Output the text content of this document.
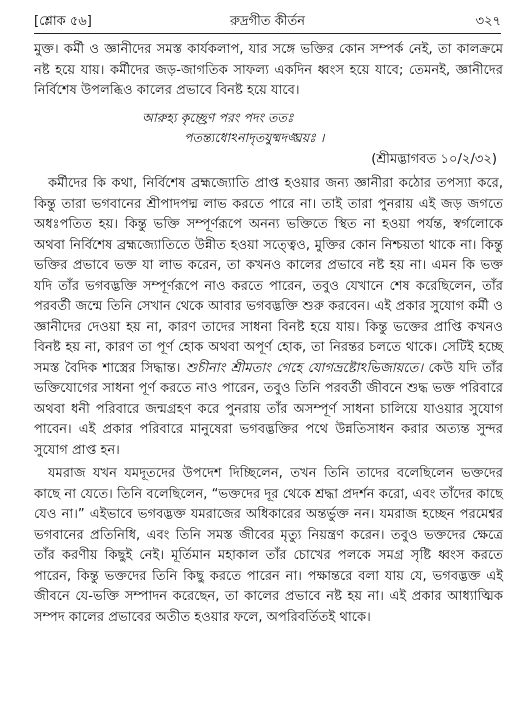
[শ্লোক ৫৬]	রুদ্রগীত কীর্তন	৩২৭

মুক্ত। কর্মী ও জ্ঞানীদের সমস্ত কার্যকলাপ, যার সঙ্গে ভক্তির কোন সম্পর্ক নেই, তা কালক্রমে নষ্ট হয়ে যায়। কর্মীদের জড়-জাগতিক সাফল্য একদিন ধ্বংস হয়ে যাবে; তেমনই, জ্ঞানীদের নির্বিশেষ উপলব্ধিও কালের প্রভাবে বিনষ্ট হয়ে যাবে।

আরুহ্য কৃচ্ছ্রেণ পরং পদং ততঃ
পতন্ত্যধোঽনাদৃতযুষ্মদঙ্ঘ্রয়ঃ ।
(শ্রীমদ্ভাগবত ১০/২/৩২)

কর্মীদের কি কথা, নির্বিশেষ ব্রহ্মজ্যোতি প্রাপ্ত হওয়ার জন্য জ্ঞানীরা কঠোর তপস্যা করে, কিন্তু তারা ভগবানের শ্রীপাদপদ্ম লাভ করতে পারে না। তাই তারা পুনরায় এই জড় জগতে অধঃপতিত হয়। কিন্তু ভক্তি সম্পূর্ণরূপে অনন্য ভক্তিতে স্থিত না হওয়া পর্যন্ত, স্বর্গলোকে অথবা নির্বিশেষ ব্রহ্মজ্যোতিতে উন্নীত হওয়া সত্ত্বেও, মুক্তির কোন নিশ্চয়তা থাকে না। কিন্তু ভক্তির প্রভাবে ভক্ত যা লাভ করেন, তা কখনও কালের প্রভাবে নষ্ট হয় না। এমন কি ভক্ত যদি তাঁর ভগবদ্ভক্তি সম্পূর্ণরূপে নাও করতে পারেন, তবুও যেখানে শেষ করেছিলেন, তাঁর পরবর্তী জন্মে তিনি সেখান থেকে আবার ভগবদ্ভক্তি শুরু করবেন। এই প্রকার সুযোগ কর্মী ও জ্ঞানীদের দেওয়া হয় না, কারণ তাদের সাধনা বিনষ্ট হয়ে যায়। কিন্তু ভক্তের প্রাপ্তি কখনও বিনষ্ট হয় না, কারণ তা পূর্ণ হোক অথবা অপূর্ণ হোক, তা নিরন্তর চলতে থাকে। সেটিই হচ্ছে সমস্ত বৈদিক শাস্ত্রের সিদ্ধান্ত। শুচীনাং শ্রীমতাং গেহে যোগভ্রষ্টোঽভিজায়তে। কেউ যদি তাঁর ভক্তিযোগের সাধনা পূর্ণ করতে নাও পারেন, তবুও তিনি পরবর্তী জীবনে শুদ্ধ ভক্ত পরিবারে অথবা ধনী পরিবারে জন্মগ্রহণ করে পুনরায় তাঁর অসম্পূর্ণ সাধনা চালিয়ে যাওয়ার সুযোগ পাবেন। এই প্রকার পরিবারে মানুষেরা ভগবদ্ভক্তির পথে উন্নতিসাধন করার অত্যন্ত সুন্দর সুযোগ প্রাপ্ত হন।

যমরাজ যখন যমদূতদের উপদেশ দিচ্ছিলেন, তখন তিনি তাদের বলেছিলেন ভক্তদের কাছে না যেতে। তিনি বলেছিলেন, “ভক্তদের দূর থেকে শ্রদ্ধা প্রদর্শন করো, এবং তাঁদের কাছে যেও না।” এইভাবে ভগবদ্ভক্ত যমরাজের অধিকারের অন্তর্ভুক্ত নন। যমরাজ হচ্ছেন পরমেশ্বর ভগবানের প্রতিনিধি, এবং তিনি সমস্ত জীবের মৃত্যু নিয়ন্ত্রণ করেন। তবুও ভক্তদের ক্ষেত্রে তাঁর করণীয় কিছুই নেই। মূর্তিমান মহাকাল তাঁর চোখের পলকে সমগ্র সৃষ্টি ধ্বংস করতে পারেন, কিন্তু ভক্তদের তিনি কিছু করতে পারেন না। পক্ষান্তরে বলা যায় যে, ভগবদ্ভক্ত এই জীবনে যে-ভক্তি সম্পাদন করেছেন, তা কালের প্রভাবে নষ্ট হয় না। এই প্রকার আধ্যাত্মিক সম্পদ কালের প্রভাবের অতীত হওয়ার ফলে, অপরিবর্তিতই থাকে।
